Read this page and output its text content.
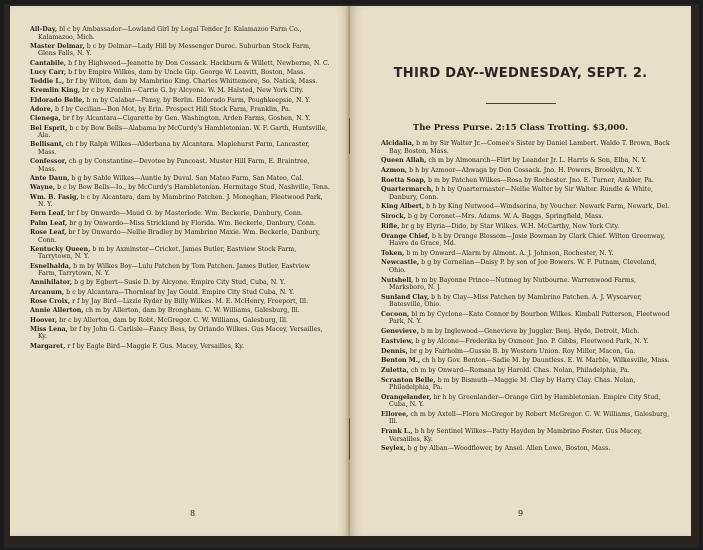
All-Day, bl c by Ambassador—Lowland Girl by Legal Tender Jr. Kalamazoo Farm Co., Kalamazoo, Mich.
Master Delmar, b c by Delmar—Lady Hill by Messenger Duroc. Suburban Stock Farm, Glens Falls, N. Y.
Cantabile, b f by Highwood—Jeanette by Don Cossack. Hackburn & Willett, Newberne, N. C.
Lucy Carr, b f by Empire Wilkes, dam by Uncle Gip. George W. Leavitt, Boston, Mass.
Teddie L., br f by Wilton, dam by Mambrino King. Charles Whittemore, So. Natick, Mass.
Kremlin King, br c by Kremlin—Carrie G. by Alcyone. W. M. Halsted, New York City.
Eldorado Belle, b m by Calabar—Pansy, by Berlin. Eldorado Farm, Poughkeepsie, N. Y.
Adore, b f by Cecilian—Bon Mot, by Erin. Prospect Hill Stock Farm, Franklin, Pa.
Cienega, br f by Alcantara—Cigarette by Gen. Washington. Arden Farms, Goshen, N. Y.
Bel Esprit, b c by Bow Bells—Alabama by McCurdy's Hambletonian. W. F. Garth, Huntsville, Ala.
Bellisant, ch f by Ralph Wilkes—Alderbana by Alcantara. Maplehurst Farm, Lancaster, Mass.
Confessor, ch g by Constantine—Devotee by Pancoast. Muster Hill Farm, E. Braintree, Mass.
Ante Daun, b g by Sable Wilkes—Auntie by Duval. San Mateo Farm, San Mateo, Cal.
Wayne, b c by Bow Bells—Io., by McCurdy's Hambletonian. Hermitage Stud, Nashville, Tenn.
Wm. B. Fasig, b c by Alcantara, dam by Mambrino Patchen. J. Monoghan, Fleetwood Park, N. Y.
Fern Leaf, br f by Onwardo—Maud O. by Masterlode. Wm. Beckerle, Danbury, Conn.
Palm Leaf, br g by Onwardo—Miss Strickland by Florida. Wm. Beckerle, Danbury, Conn.
Rose Leaf, br f by Onwardo—Nellie Bradley by Mambrino Maxie. Wm. Beckerle, Danbury, Conn.
Kentucky Queen, b m by Axminster—Cricket. James Butler, Eastview Stock Farm, Tarrytown, N. Y.
Esnelhalda, b m by Wilkes Boy—Lulu Patchen by Tom Patchen. James Butler, Eastview Farm, Tarrytown, N. Y.
Annihilator, b g by Egbert—Susie D. by Alcyone. Empire City Stud, Cuba, N. Y.
Arcanum, b c by Alcantara—Thornleaf by Jay Gould. Empire City Stud Cuba, N. Y.
Rose Croix, r f by Jay Bird—Lizzie Ryder by Billy Wilkes. M. E. McHenry, Freeport, Ill.
Annie Allerton, ch m by Allerton, dam by Brongham. C. W. Williams, Galesburg, Ill.
Hoover, br c by Allerton, dam by Robt. McGregor. C. W. Williams, Galesburg, Ill.
Miss Lena, br f by John G. Carlisle—Fancy Bess, by Orlando Wilkes. Gus Macey, Versailles, Ky.
Margaret, r f by Eagle Bird—Maggie F. Gus. Macey, Versailles, Ky.
8
THIRD DAY--WEDNESDAY, SEPT. 2.
The Press Purse. 2:15 Class Trotting. $3,000.
Alcidalia, b m by Sir Walter Jr.—Comee's Sister by Daniel Lambert. Waldo T. Brown, Back Bay, Boston, Mass.
Queen Allah, ch m by Almonarch—Flirt by Leander Jr. L. Harris & Son, Elba, N. Y.
Azmon, b h by Azmoor—Ahwaga by Don Cossack. Jno. H. Powers, Brooklyn, N. Y.
Roetta Soap, b m by Patchen Wilkes—Rosa by Rochester. Jno. E. Turner, Ambler, Pa.
Quartermarch, b h by Quartermaster—Nellie Walter by Sir Walter. Rundle & White, Danbury, Conn.
King Albert, b h by King Nutwood—Windsorina, by Voucher. Newark Farm, Newark, Del.
Sirock, b g by Coronet—Mrs. Adams. W. A. Baggs, Springfield, Mass.
Rifle, br g by Elyria—Dido, by Star Wilkes. W.H. McCarthy, New York City.
Orange Chief, b h by Orange Blossom—Josie Bowman by Clark Chief. Wilton Greenway, Havre de Grace, Md.
Token, b m by Onward—Alarm by Almont. A. J. Johnson, Rochester, N. Y.
Newcastle, b g by Cornelian—Daisy P. by son of Joe Bowers. W. F. Putnam, Cleveland, Ohio.
Nutshell, b m by Bayonne Prince—Nutmeg by Nutbourne. Warrenwood Farms, Marksboro, N. J.
Sunland Clay, b h by Clay—Miss Patchen by Mambrino Patchen. A. J. Wyscarver, Batesville, Ohio.
Cocoon, bl m by Cyclone—Kate Connor by Bourbon Wilkes. Kimball Patterson, Fleetwood Park, N. Y.
Genevieve, b m by Inglewood—Genevieve by Juggler. Benj. Hyde, Detroit, Mich.
Eastview, b g by Alcone—Frederika by Oxmoor. Jno. P. Gibbs, Fleetwood Park, N. Y.
Dennis, br g by Fairholm—Gussie B. by Western Union. Roy Miller, Macon, Ga.
Benton M., ch h by Gov. Benton—Sadie M. by Dauntless. E. W. Marble, Wilkesville, Mass.
Zuletta, ch m by Onward—Romana by Harold. Chas. Nolan, Philadelphia, Pa.
Scranton Belle, b m by Bismuth—Maggie M. Clay by Harry Clay. Chas. Nolan, Philadelphia, Pa.
Orangelander, br h by Greenlander—Orange Girl by Hambletonian. Empire City Stud, Cuba, N. Y.
Elloree, ch m by Axtell—Flora McGregor by Robert McGregor. C. W. Williams, Galesburg, Ill.
Frank L., b h by Sentinel Wilkes—Patty Hayden by Mambrino Foster. Gus Macey, Versailles, Ky.
Seylex, b g by Alban—Woodflower, by Ansel. Allen Lowe, Boston, Mass.
9
